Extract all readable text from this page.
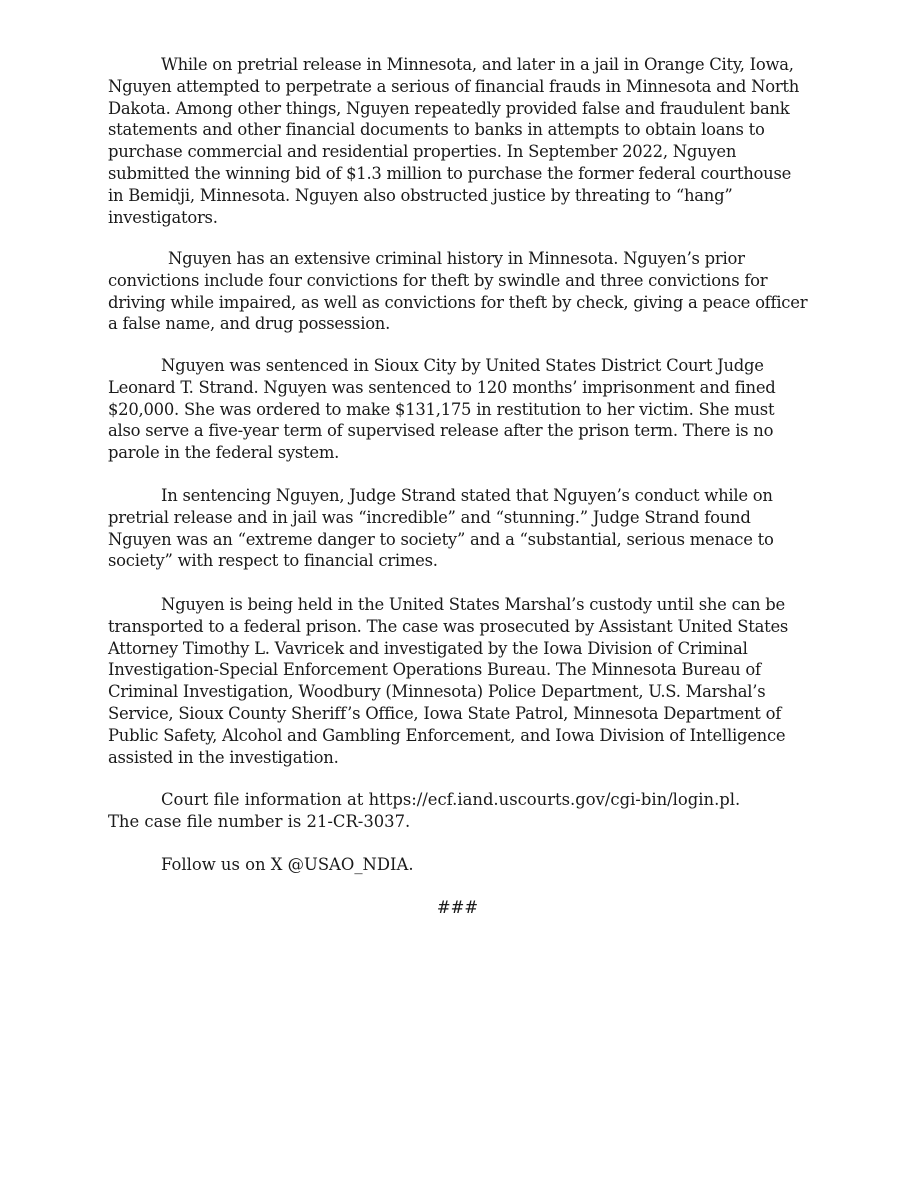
While on pretrial release in Minnesota, and later in a jail in Orange City, Iowa, Nguyen attempted to perpetrate a serious of financial frauds in Minnesota and North Dakota. Among other things, Nguyen repeatedly provided false and fraudulent bank statements and other financial documents to banks in attempts to obtain loans to purchase commercial and residential properties. In September 2022, Nguyen submitted the winning bid of $1.3 million to purchase the former federal courthouse in Bemidji, Minnesota. Nguyen also obstructed justice by threating to “hang” investigators.

Nguyen has an extensive criminal history in Minnesota. Nguyen’s prior convictions include four convictions for theft by swindle and three convictions for driving while impaired, as well as convictions for theft by check, giving a peace officer a false name, and drug possession.

Nguyen was sentenced in Sioux City by United States District Court Judge Leonard T. Strand. Nguyen was sentenced to 120 months’ imprisonment and fined $20,000. She was ordered to make $131,175 in restitution to her victim. She must also serve a five-year term of supervised release after the prison term. There is no parole in the federal system.

In sentencing Nguyen, Judge Strand stated that Nguyen’s conduct while on pretrial release and in jail was “incredible” and “stunning.” Judge Strand found Nguyen was an “extreme danger to society” and a “substantial, serious menace to society” with respect to financial crimes.

Nguyen is being held in the United States Marshal’s custody until she can be transported to a federal prison. The case was prosecuted by Assistant United States Attorney Timothy L. Vavricek and investigated by the Iowa Division of Criminal Investigation-Special Enforcement Operations Bureau. The Minnesota Bureau of Criminal Investigation, Woodbury (Minnesota) Police Department, U.S. Marshal’s Service, Sioux County Sheriff’s Office, Iowa State Patrol, Minnesota Department of Public Safety, Alcohol and Gambling Enforcement, and Iowa Division of Intelligence assisted in the investigation.

Court file information at https://ecf.iand.uscourts.gov/cgi-bin/login.pl.
The case file number is 21-CR-3037.
Follow us on X @USAO_NDIA.
###
